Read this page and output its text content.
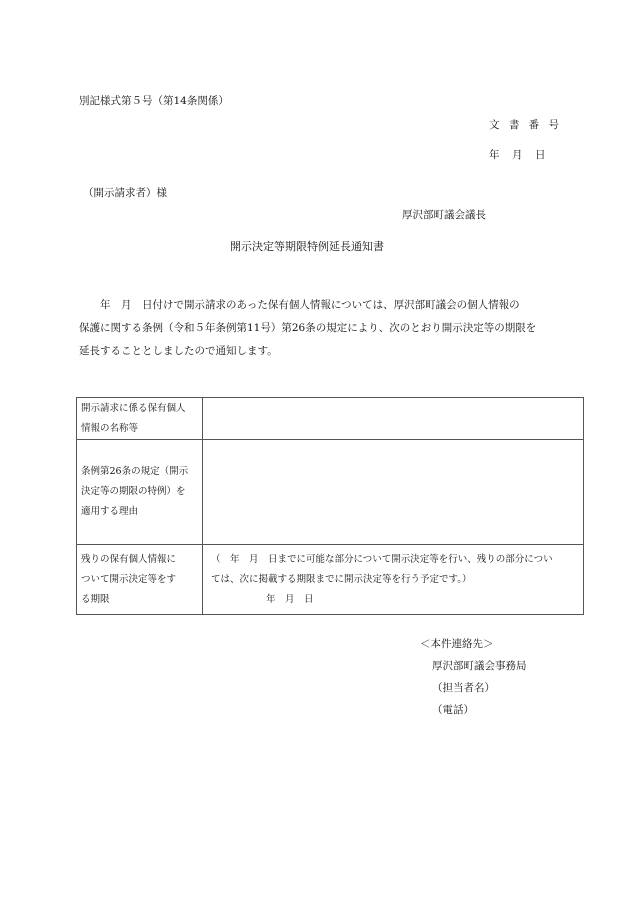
別記様式第５号（第14条関係）
文 書 番 号
年　月　日
（開示請求者）様
厚沢部町議会議長
開示決定等期限特例延長通知書
　　年　月　日付けで開示請求のあった保有個人情報については、厚沢部町議会の個人情報の
保護に関する条例（令和５年条例第11号）第26条の規定により、次のとおり開示決定等の期限を
延長することとしましたので通知します。
開示請求に係る保有個人
情報の名称等	

条例第26条の規定（開示
決定等の期限の特例）を
適用する理由	

残りの保有個人情報に
ついて開示決定等をす
る期限	（　年　月　日までに可能な部分について開示決定等を行い、残りの部分につい
ては、次に掲載する期限までに開示決定等を行う予定です。）
年　月　日
＜本件連絡先＞
厚沢部町議会事務局
（担当者名）
（電話）
